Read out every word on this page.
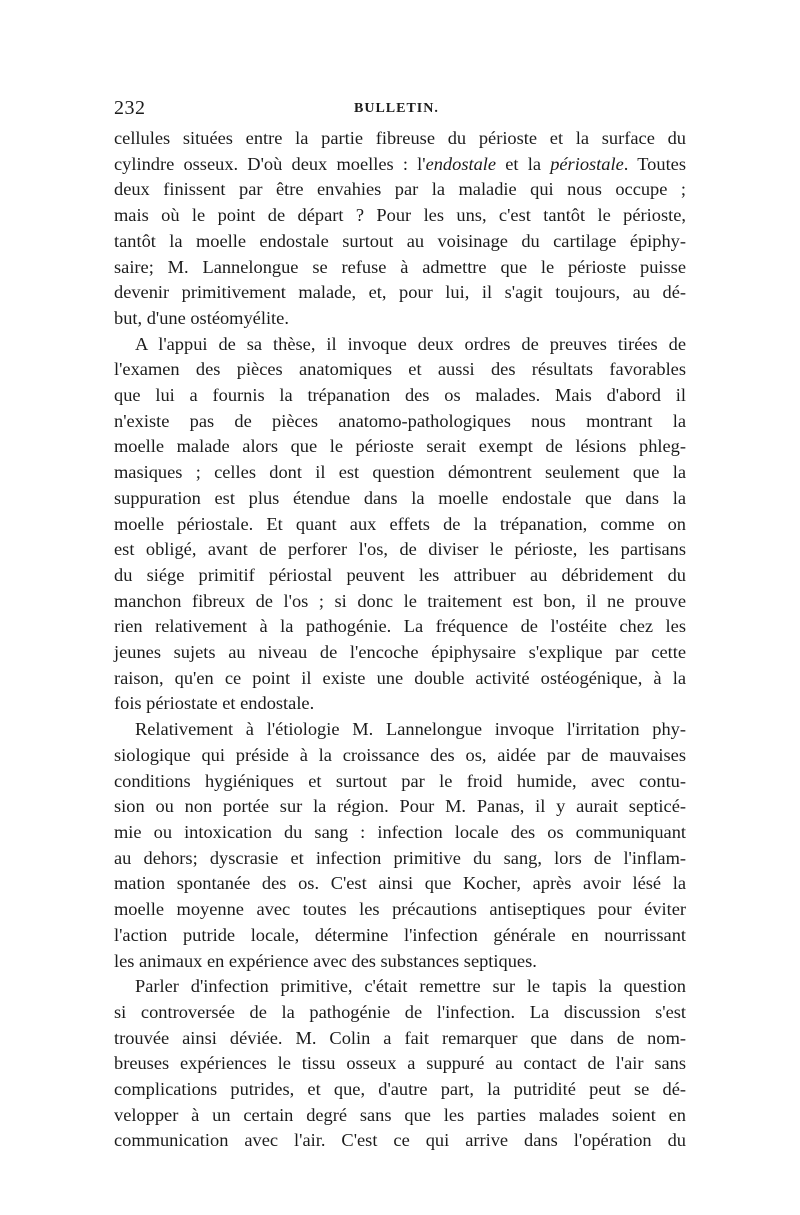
232	BULLETIN.
cellules situées entre la partie fibreuse du périoste et la surface du
cylindre osseux. D'où deux moelles : l'endostale et la périostale. Toutes
deux finissent par être envahies par la maladie qui nous occupe ;
mais où le point de départ ? Pour les uns, c'est tantôt le périoste,
tantôt la moelle endostale surtout au voisinage du cartilage épiphy-
saire; M. Lannelongue se refuse à admettre que le périoste puisse
devenir primitivement malade, et, pour lui, il s'agit toujours, au dé-
but, d'une ostéomyélite.
A l'appui de sa thèse, il invoque deux ordres de preuves tirées de
l'examen des pièces anatomiques et aussi des résultats favorables
que lui a fournis la trépanation des os malades. Mais d'abord il
n'existe pas de pièces anatomo-pathologiques nous montrant la
moelle malade alors que le périoste serait exempt de lésions phleg-
masiques ; celles dont il est question démontrent seulement que la
suppuration est plus étendue dans la moelle endostale que dans la
moelle périostale. Et quant aux effets de la trépanation, comme on
est obligé, avant de perforer l'os, de diviser le périoste, les partisans
du siége primitif périostal peuvent les attribuer au débridement du
manchon fibreux de l'os ; si donc le traitement est bon, il ne prouve
rien relativement à la pathogénie. La fréquence de l'ostéite chez les
jeunes sujets au niveau de l'encoche épiphysaire s'explique par cette
raison, qu'en ce point il existe une double activité ostéogénique, à la
fois périostate et endostale.
Relativement à l'étiologie M. Lannelongue invoque l'irritation phy-
siologique qui préside à la croissance des os, aidée par de mauvaises
conditions hygiéniques et surtout par le froid humide, avec contu-
sion ou non portée sur la région. Pour M. Panas, il y aurait septicé-
mie ou intoxication du sang : infection locale des os communiquant
au dehors; dyscrasie et infection primitive du sang, lors de l'inflam-
mation spontanée des os. C'est ainsi que Kocher, après avoir lésé la
moelle moyenne avec toutes les précautions antiseptiques pour éviter
l'action putride locale, détermine l'infection générale en nourrissant
les animaux en expérience avec des substances septiques.
Parler d'infection primitive, c'était remettre sur le tapis la question
si controversée de la pathogénie de l'infection. La discussion s'est
trouvée ainsi déviée. M. Colin a fait remarquer que dans de nom-
breuses expériences le tissu osseux a suppuré au contact de l'air sans
complications putrides, et que, d'autre part, la putridité peut se dé-
velopper à un certain degré sans que les parties malades soient en
communication avec l'air. C'est ce qui arrive dans l'opération du
